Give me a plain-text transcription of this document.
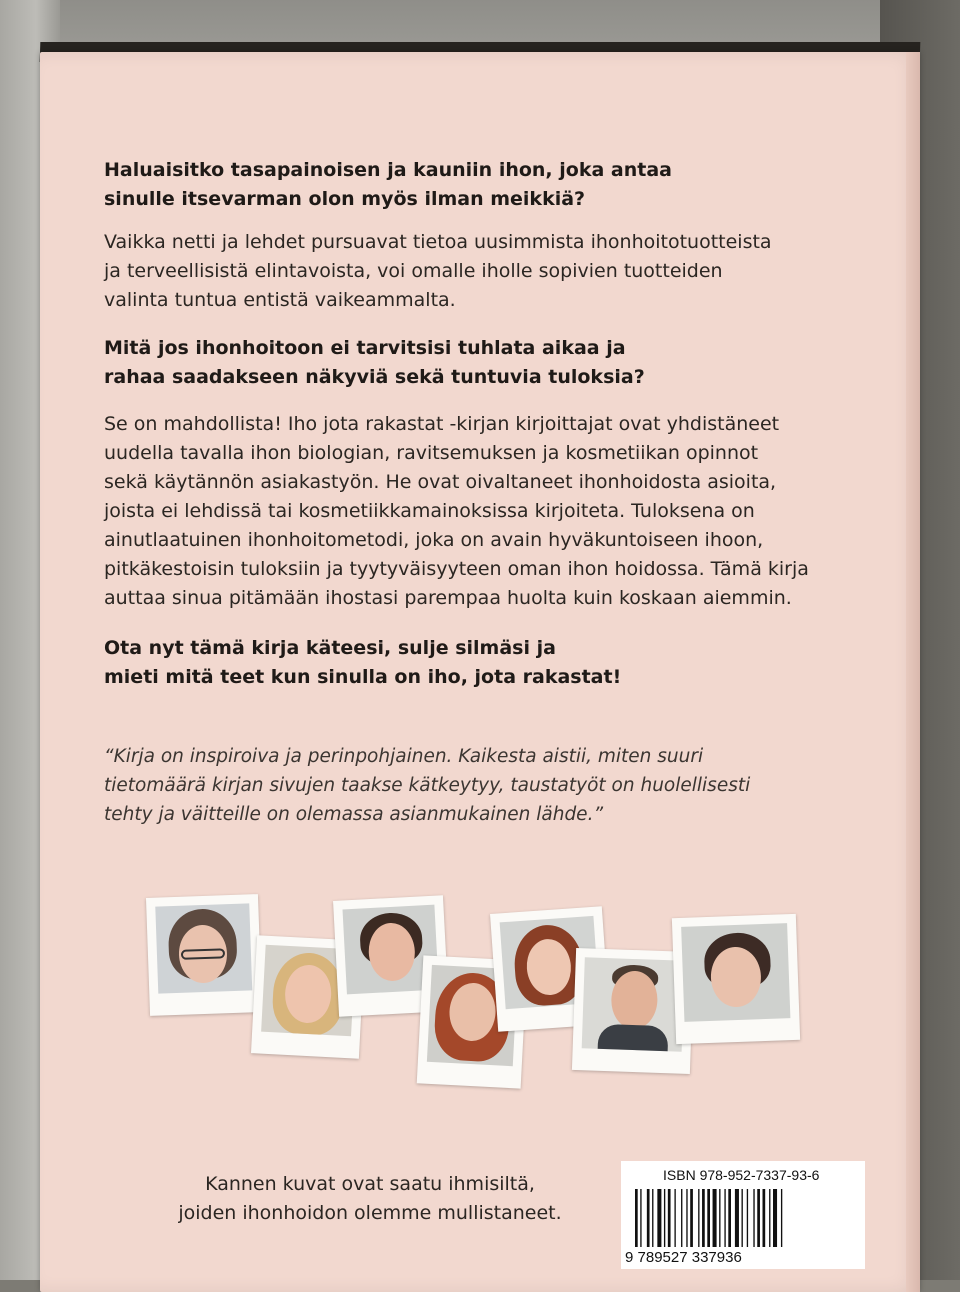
Haluaisitko tasapainoisen ja kauniin ihon, joka antaa
sinulle itsevarman olon myös ilman meikkiä?
Vaikka netti ja lehdet pursuavat tietoa uusimmista ihonhoitotuotteista
ja terveellisistä elintavoista, voi omalle iholle sopivien tuotteiden
valinta tuntua entistä vaikeammalta.
Mitä jos ihonhoitoon ei tarvitsisi tuhlata aikaa ja
rahaa saadakseen näkyviä sekä tuntuvia tuloksia?
Se on mahdollista! Iho jota rakastat -kirjan kirjoittajat ovat yhdistäneet
uudella tavalla ihon biologian, ravitsemuksen ja kosmetiikan opinnot
sekä käytännön asiakastyön. He ovat oivaltaneet ihonhoidosta asioita,
joista ei lehdissä tai kosmetiikkamainoksissa kirjoiteta. Tuloksena on
ainutlaatuinen ihonhoitometodi, joka on avain hyväkuntoiseen ihoon,
pitkäkestoisin tuloksiin ja tyytyväisyyteen oman ihon hoidossa. Tämä kirja
auttaa sinua pitämään ihostasi parempaa huolta kuin koskaan aiemmin.
Ota nyt tämä kirja käteesi, sulje silmäsi ja
mieti mitä teet kun sinulla on iho, jota rakastat!
“Kirja on inspiroiva ja perinpohjainen. Kaikesta aistii, miten suuri
tietomäärä kirjan sivujen taakse kätkeytyy, taustatyöt on huolellisesti
tehty ja väitteille on olemassa asianmukainen lähde.”
Kannen kuvat ovat saatu ihmisiltä,
joiden ihonhoidon olemme mullistaneet.
ISBN 978-952-7337-93-6
9 789527 337936
